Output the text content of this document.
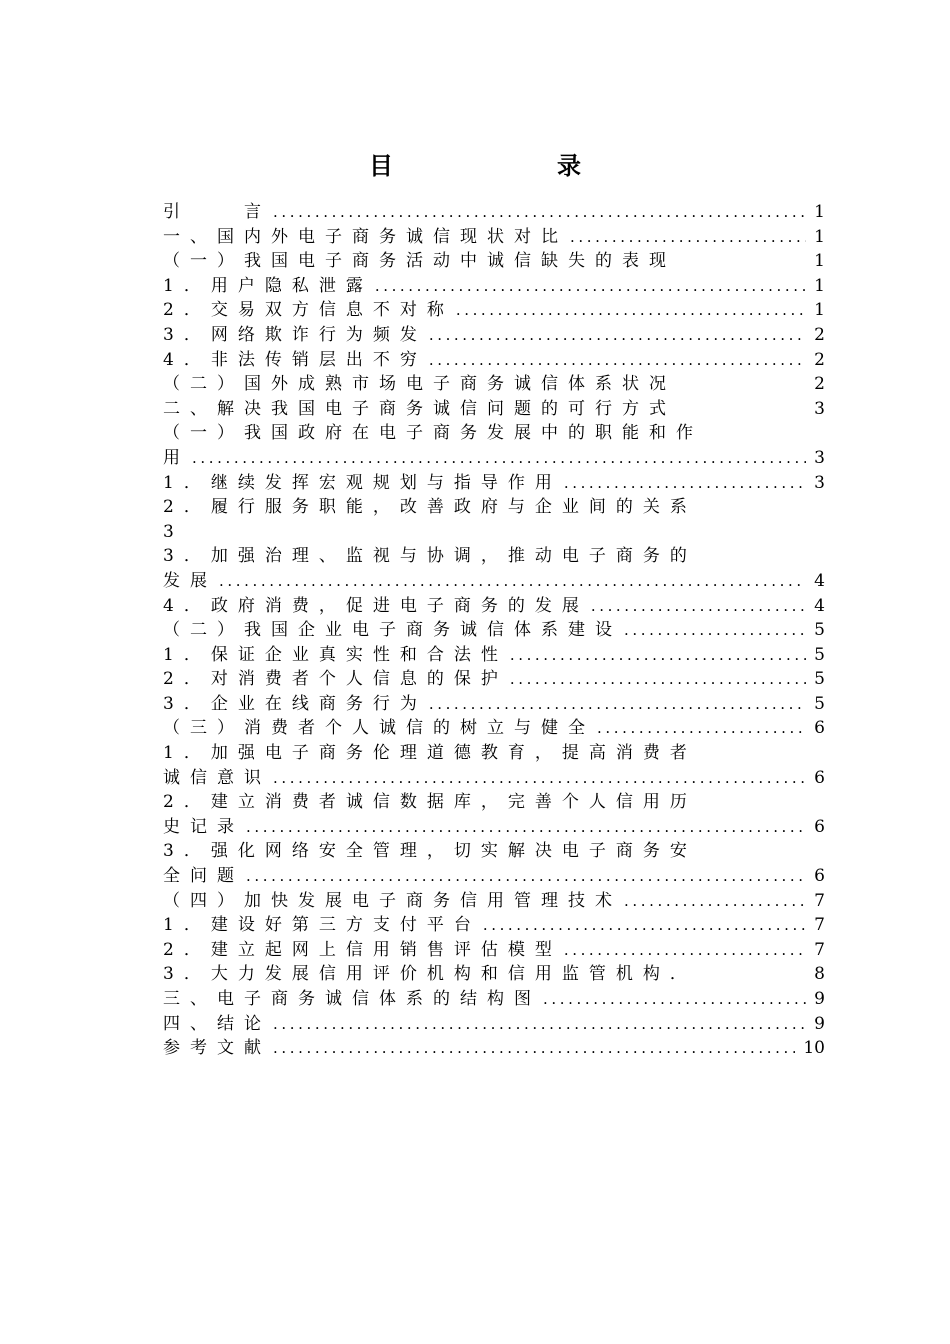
目　录
引　　言 .....	1
一、国内外电子商务诚信现状对比 .....	1
（一）我国电子商务活动中诚信缺失的表现	1
1．用户隐私泄露 .....	1
2．交易双方信息不对称 .....	1
3．网络欺诈行为频发 .....	2
4．非法传销层出不穷 .....	2
（二）国外成熟市场电子商务诚信体系状况	2
二、解决我国电子商务诚信问题的可行方式	3
（一）我国政府在电子商务发展中的职能和作
用 .....	3
1．继续发挥宏观规划与指导作用 .....	3
2．履行服务职能，改善政府与企业间的关系
3
3．加强治理、监视与协调，推动电子商务的
发展 .....	4
4．政府消费，促进电子商务的发展 .....	4
（二）我国企业电子商务诚信体系建设 .....	5
1．保证企业真实性和合法性 .....	5
2．对消费者个人信息的保护 .....	5
3．企业在线商务行为 .....	5
（三）消费者个人诚信的树立与健全 .....	6
1．加强电子商务伦理道德教育，提高消费者
诚信意识 .....	6
2．建立消费者诚信数据库，完善个人信用历
史记录 .....	6
3．强化网络安全管理，切实解决电子商务安
全问题 .....	6
（四）加快发展电子商务信用管理技术 .....	7
1．建设好第三方支付平台 .....	7
2．建立起网上信用销售评估模型 .....	7
3．大力发展信用评价机构和信用监管机构．	8
三、电子商务诚信体系的结构图 .....	9
四、结论 .....	9
参考文献 .....	10
